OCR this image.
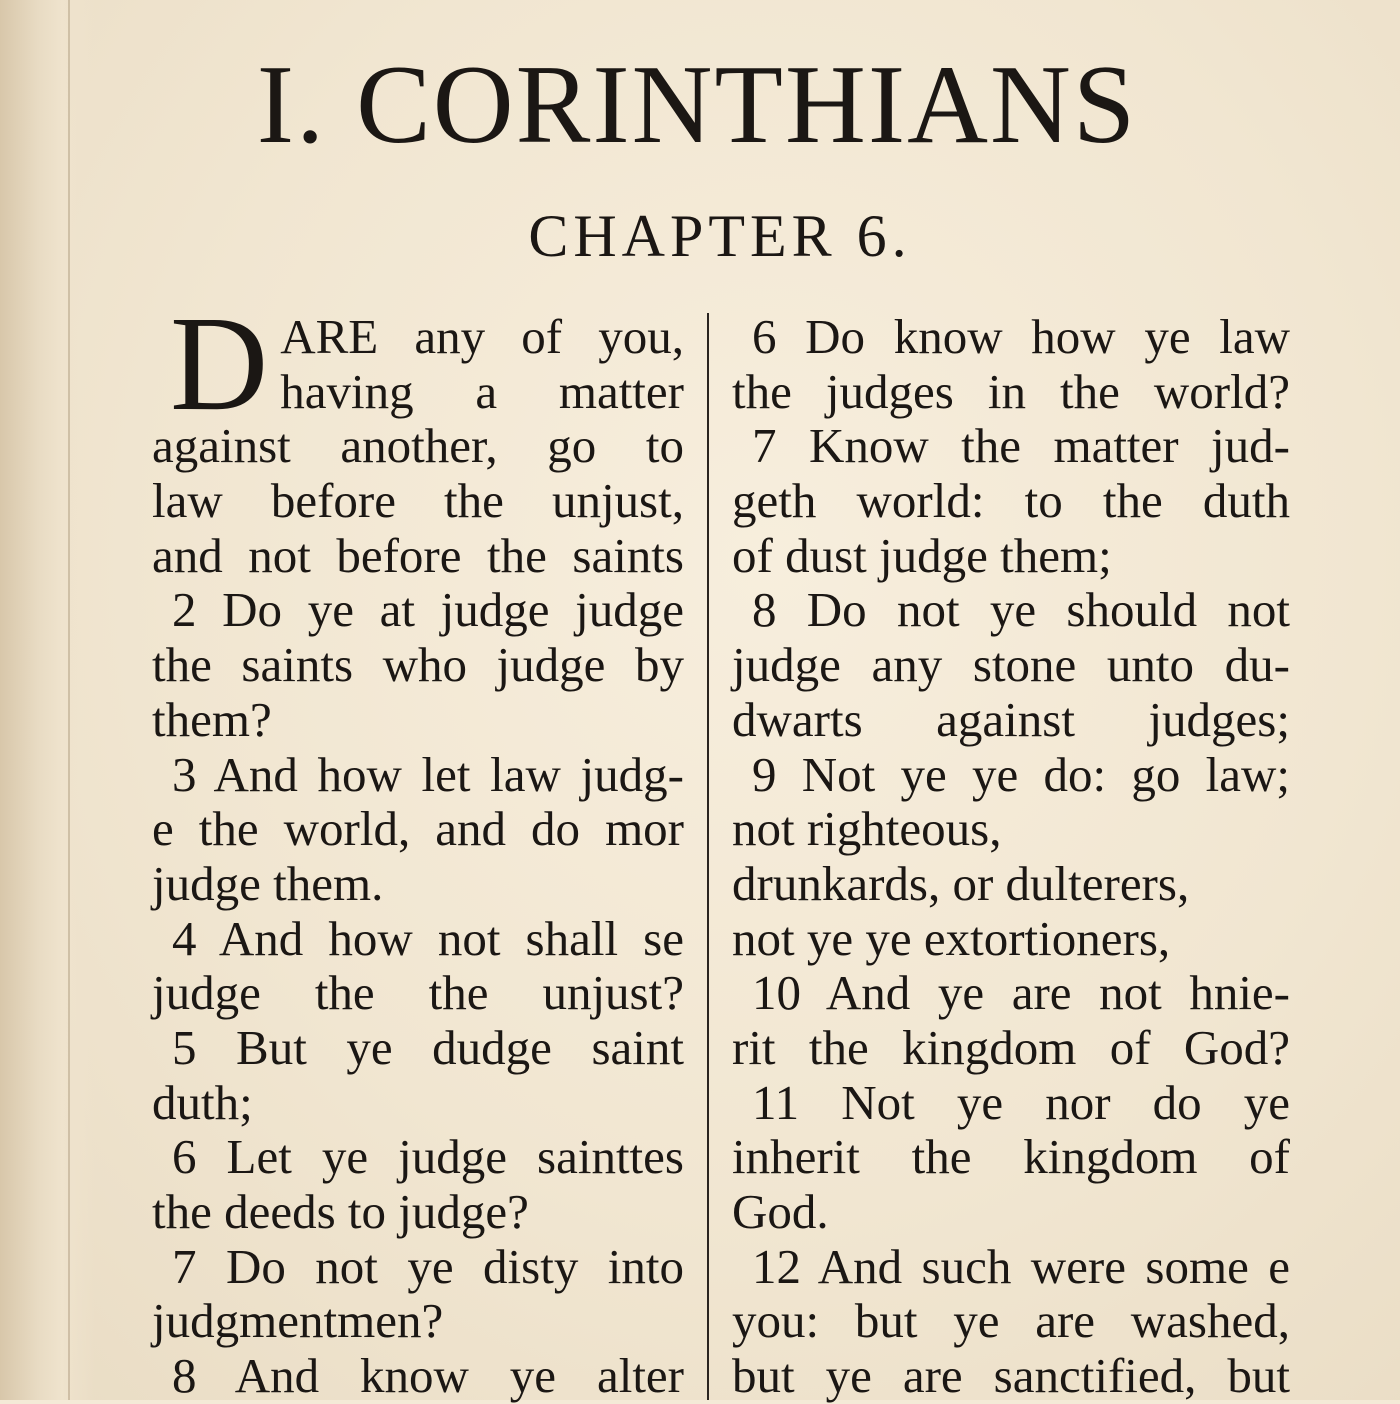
I. CORINTHIANS
CHAPTER 6.
D ARE any of you,
having a matter
against another, go to
law before the unjust,
and not before the saints
2 Do ye at judge judge
the saints who judge by
them?
3 And how let law judg-
e the world, and do mor
judge them.
4 And how not shall se
judge the the unjust?
5 But ye dudge saint
duth;
6 Let ye judge sainttes
the deeds to judge?
7 Do not ye disty into
judgmentmen?
8 And know ye alter
6 Do know how ye law
the judges in the world?
7 Know the matter jud-
geth world: to the duth
of dust judge them;
8 Do not ye should not
judge any stone unto du-
dwarts against judges;
9 Not ye ye do: go law;
not righteous,
drunkards, or dulterers,
not ye ye extortioners,
10 And ye are not hnie-
rit the kingdom of God?
11 Not ye nor do ye
inherit the kingdom of
God.
12 And such were some e
you: but ye are washed,
but ye are sanctified, but
